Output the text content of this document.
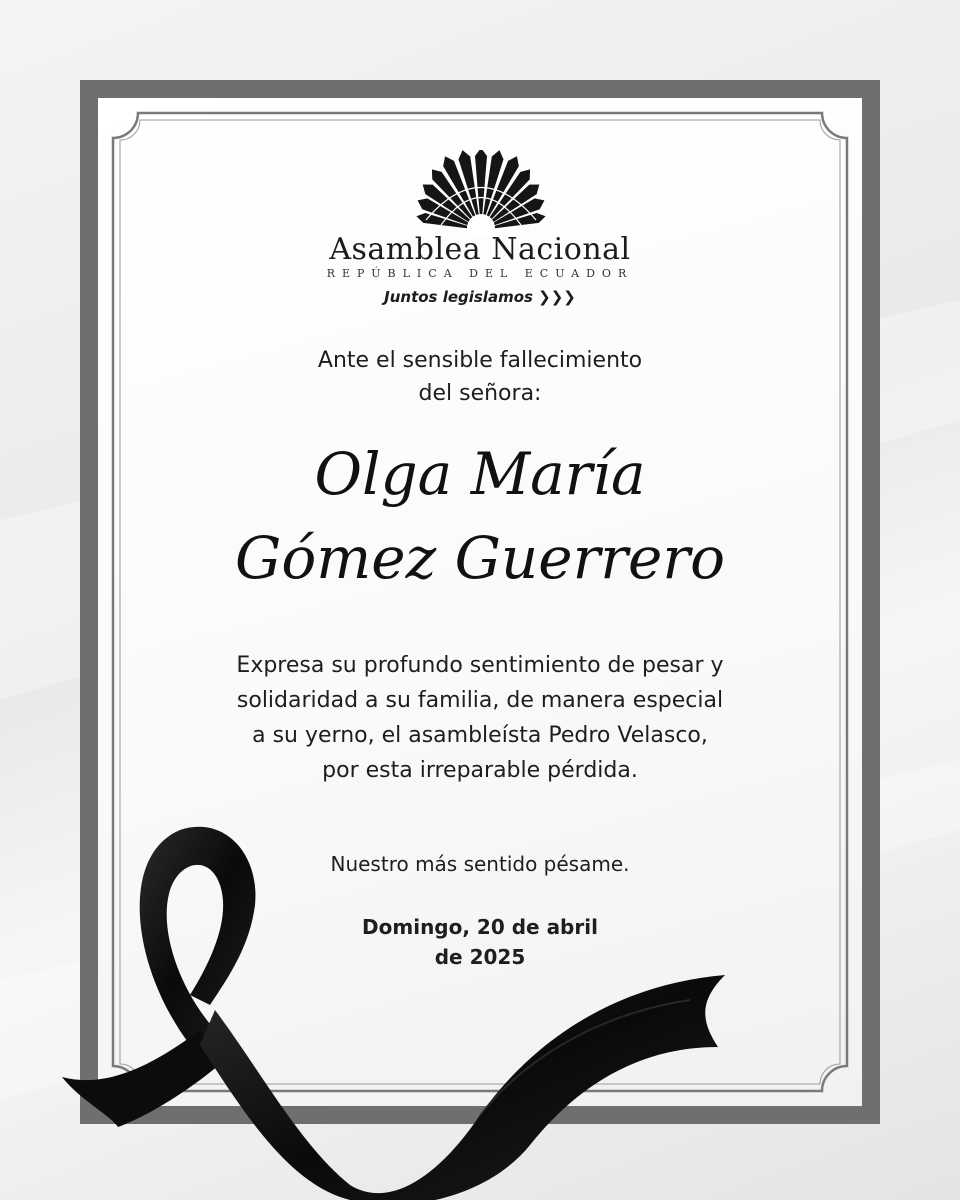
Asamblea Nacional
REPÚBLICA DEL ECUADOR
Juntos legislamos ❯❯❯
Ante el sensible fallecimiento
del señora:
Olga María
Gómez Guerrero
Expresa su profundo sentimiento de pesar y
solidaridad a su familia, de manera especial
a su yerno, el asambleísta Pedro Velasco,
por esta irreparable pérdida.
Nuestro más sentido pésame.
Domingo, 20 de abril
de 2025
